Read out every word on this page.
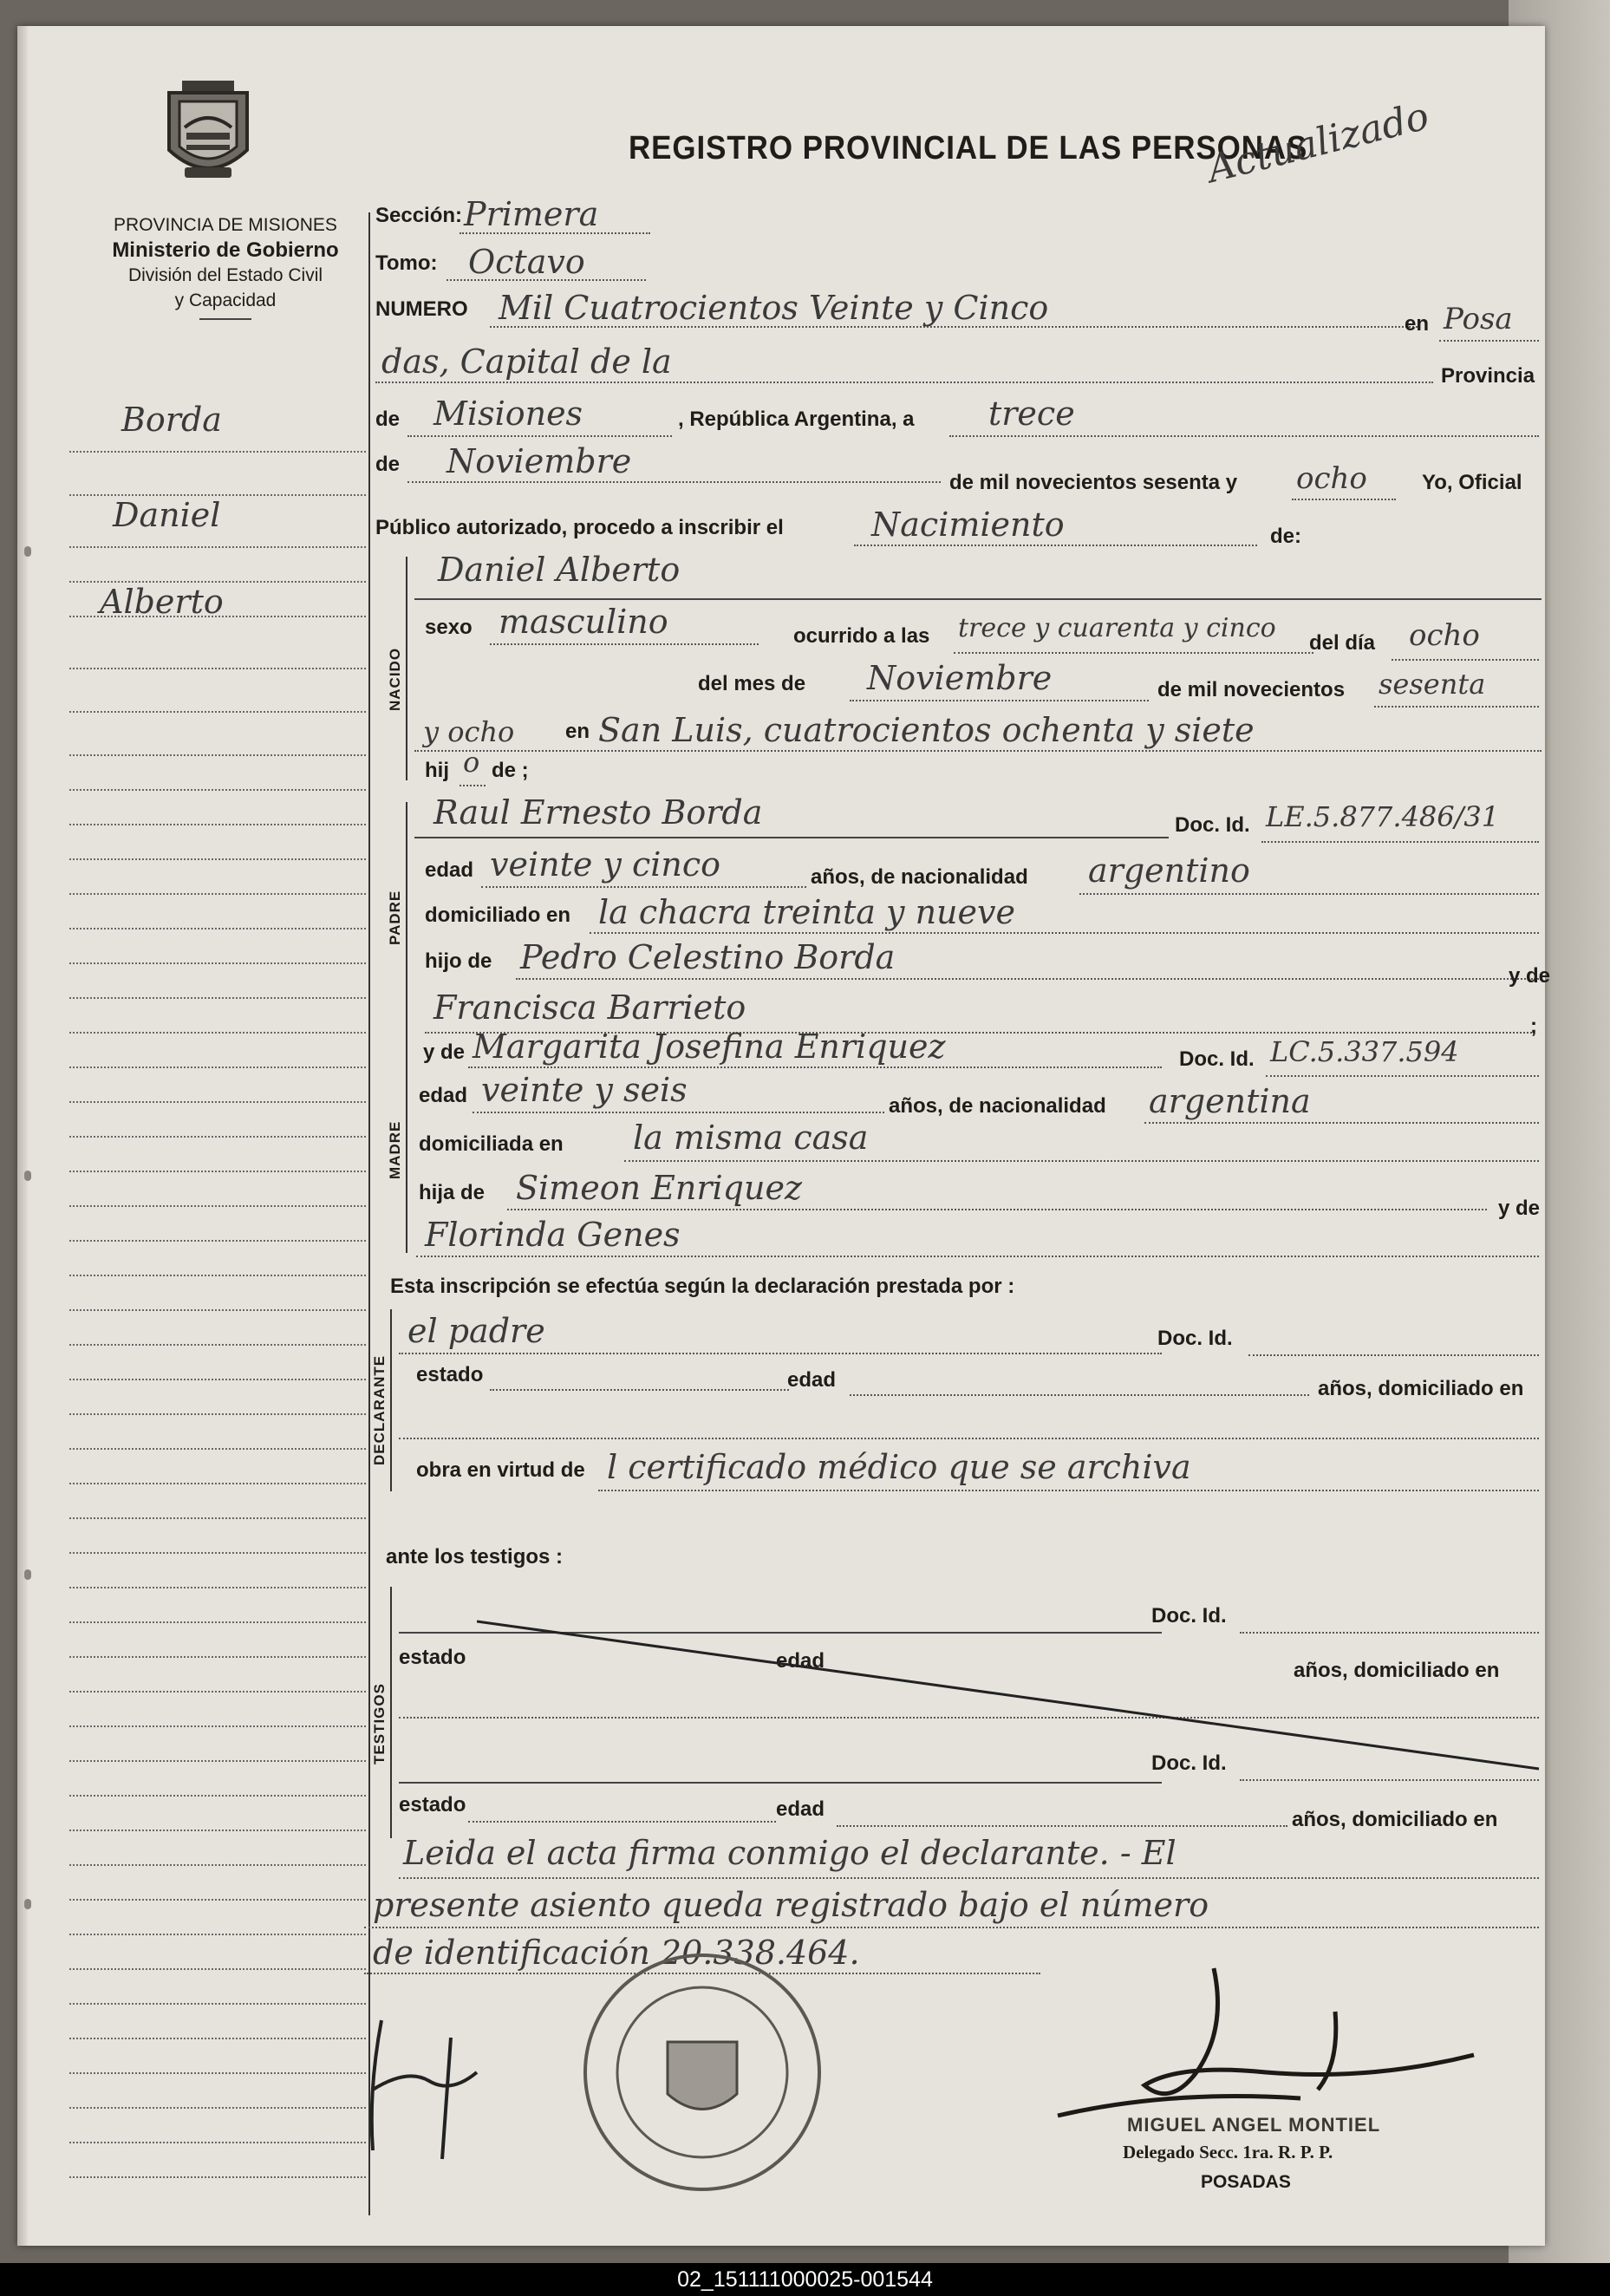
PROVINCIA DE MISIONES
Ministerio de Gobierno
División del Estado Civil
y Capacidad
REGISTRO PROVINCIAL DE LAS PERSONAS
Actualizado
Borda
Daniel
Alberto
Sección: Primera
Tomo: Octavo
NUMERO Mil Cuatrocientos Veinte y Cinco	en Posa
das, Capital de la	Provincia
de Misiones	, República Argentina, a trece
de Noviembre
de mil novecientos sesenta y ocho	Yo, Oficial
Público autorizado, procedo a inscribir el	Nacimiento	de:
NACIDO
Daniel Alberto
sexo masculino	ocurrido a las trece y cuarenta y cinco del día ocho
del mes de Noviembre	de mil novecientos sesenta
y ocho en San Luis, cuatrocientos ochenta y siete
hij o de ;
PADRE
Raul Ernesto Borda	Doc. Id. LE.5.877.486/31
edad veinte y cinco	años, de nacionalidad argentino
domiciliado en la chacra treinta y nueve
hijo de Pedro Celestino Borda	y de
Francisca Barrieto	;
MADRE
y de Margarita Josefina Enriquez	Doc. Id. LC.5.337.594
edad veinte y seis	años, de nacionalidad argentina
domiciliada en la misma casa
hija de Simeon Enriquez
y de
Florinda Genes
Esta inscripción se efectúa según la declaración prestada por :
DECLARANTE
el padre	Doc. Id.
estado	edad	años, domiciliado en
obra en virtud de l certificado médico que se archiva
ante los testigos :
TESTIGOS
Doc. Id.
estado	edad	años, domiciliado en
Doc. Id.
estado	edad	años, domiciliado en
Leida el acta firma conmigo el declarante. - El
presente asiento queda registrado bajo el número
de identificación 20.338.464.
MIGUEL ANGEL MONTIEL
Delegado Secc. 1ra. R. P. P.
POSADAS
02_151111000025-001544
